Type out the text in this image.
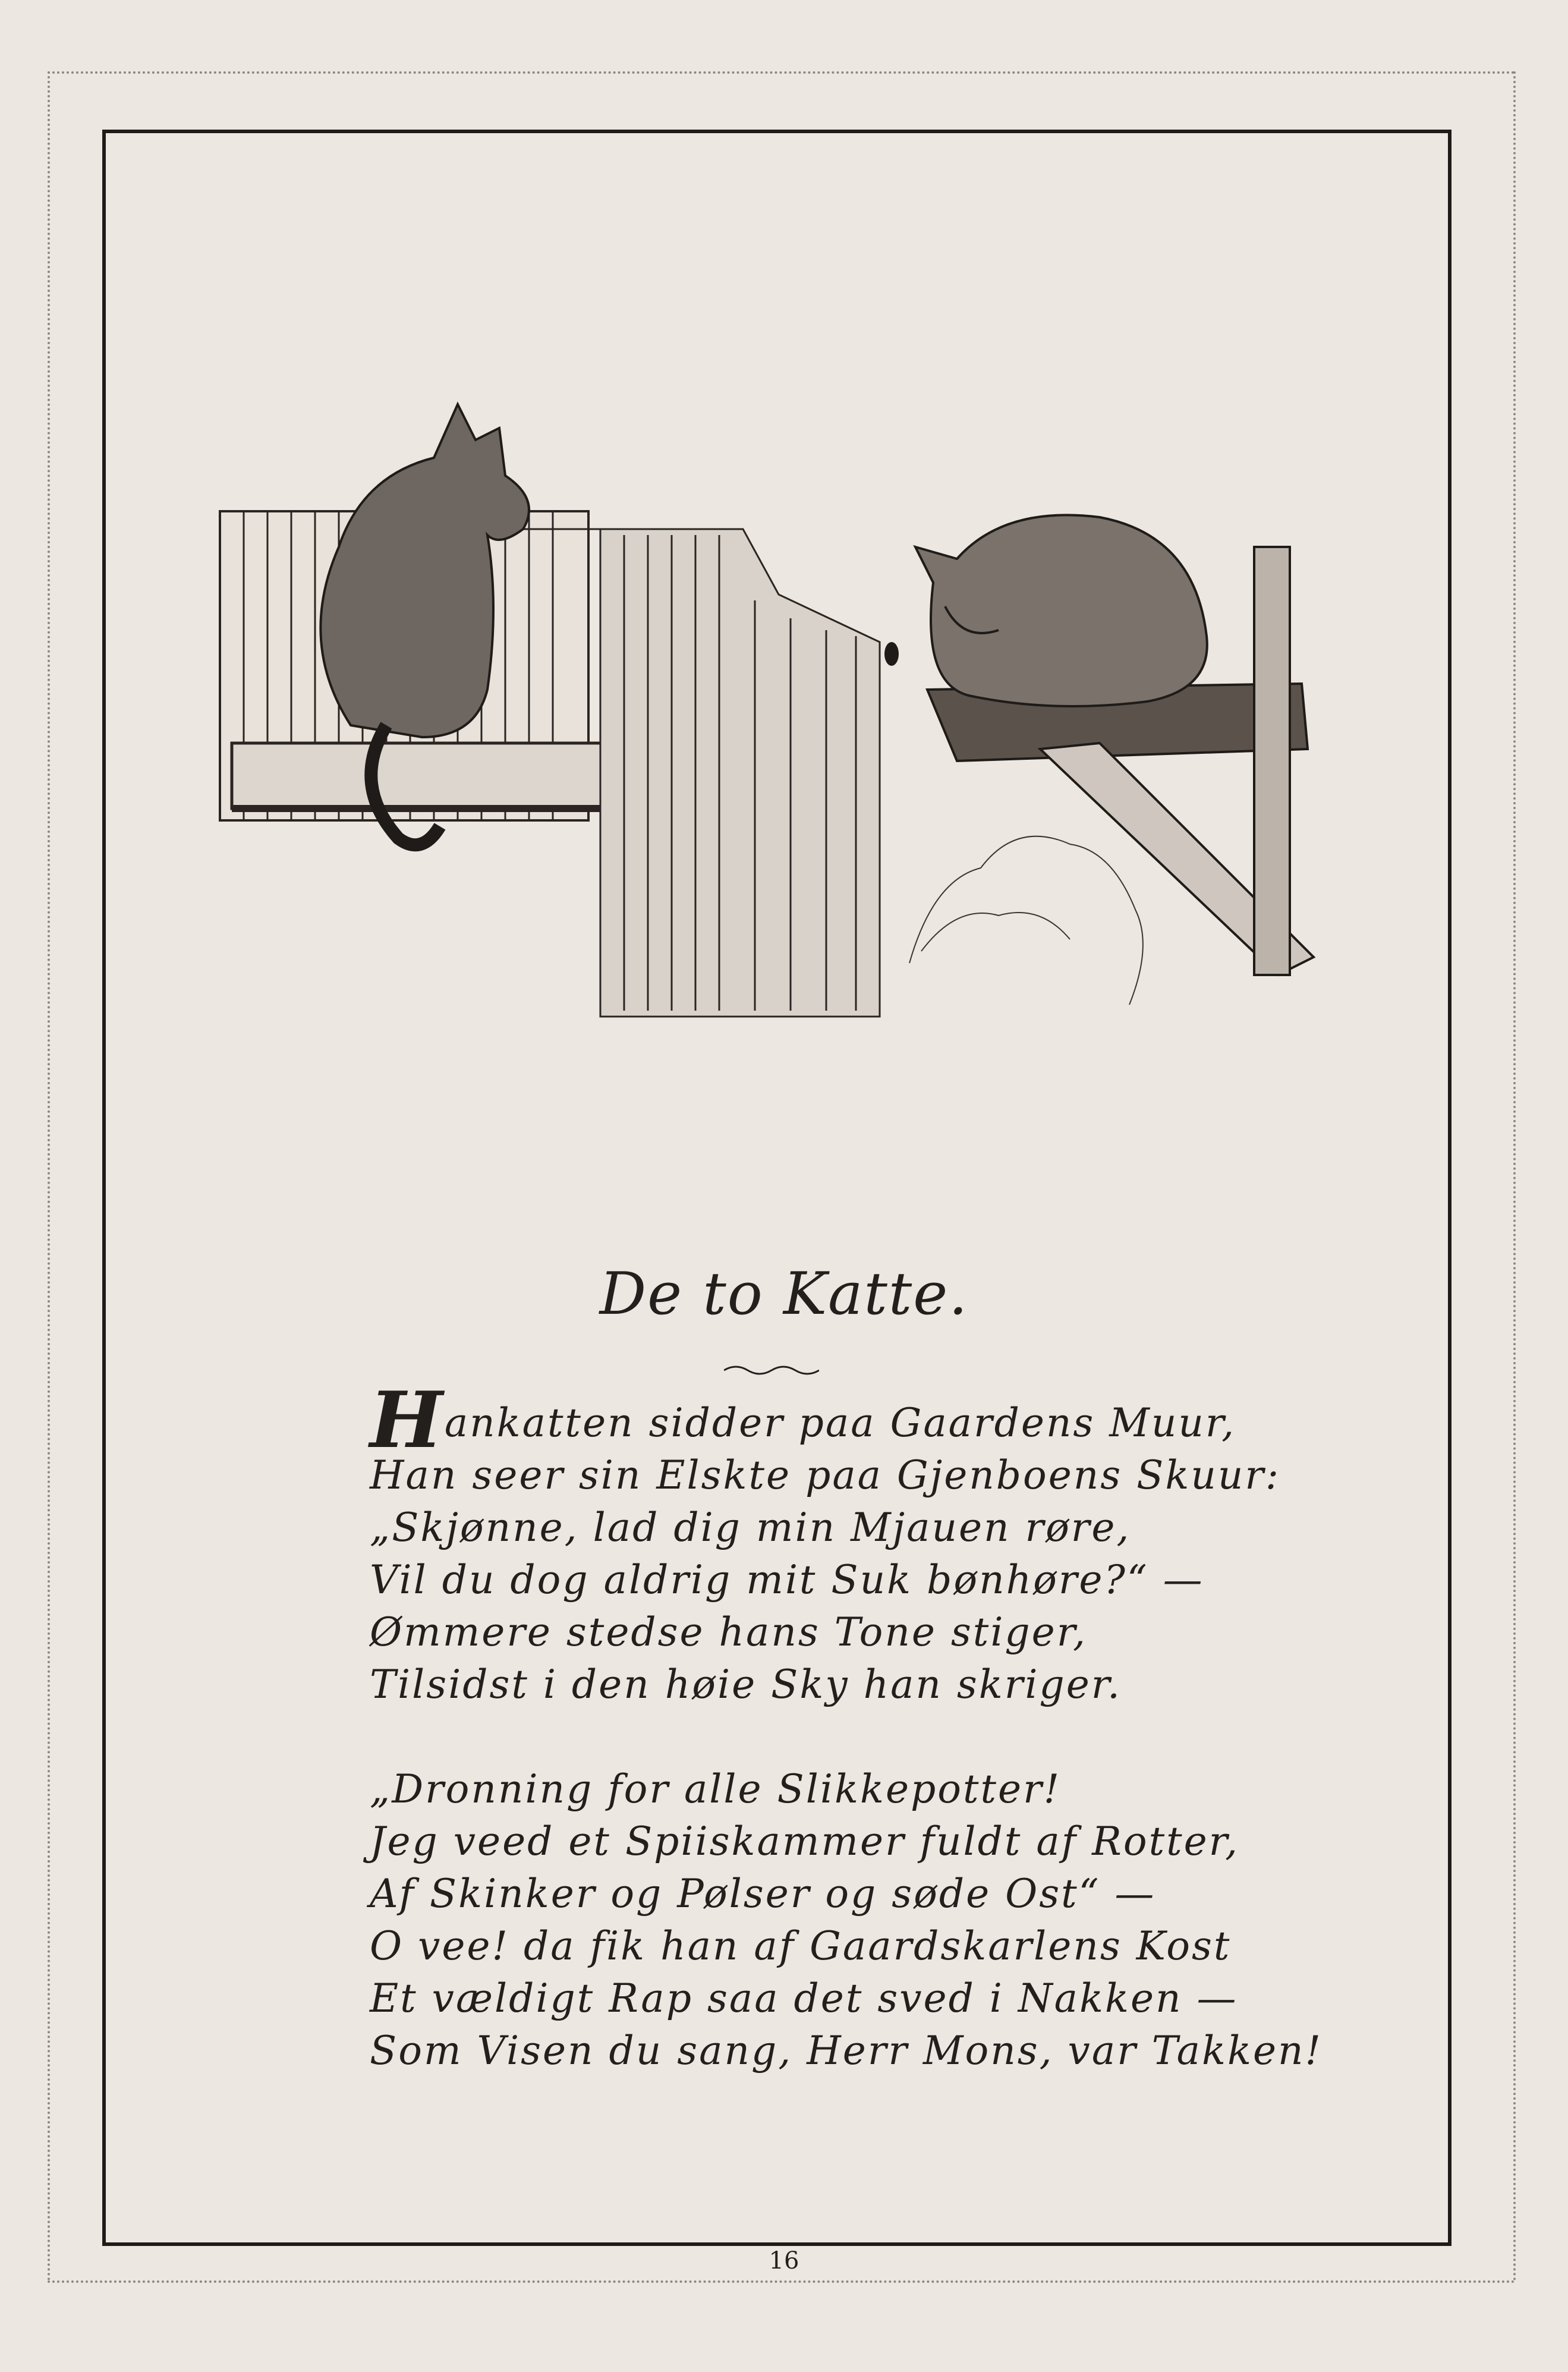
De to Katte.
Hankatten sidder paa Gaardens Muur,
Han seer sin Elskte paa Gjenboens Skuur:
„Skjønne, lad dig min Mjauen røre,
Vil du dog aldrig mit Suk bønhøre?“ —
Ømmere stedse hans Tone stiger,
Tilsidst i den høie Sky han skriger.
„Dronning for alle Slikkepotter!
Jeg veed et Spiiskammer fuldt af Rotter,
Af Skinker og Pølser og søde Ost“ —
O vee! da fik han af Gaardskarlens Kost
Et vældigt Rap saa det sved i Nakken —
Som Visen du sang, Herr Mons, var Takken!
16
